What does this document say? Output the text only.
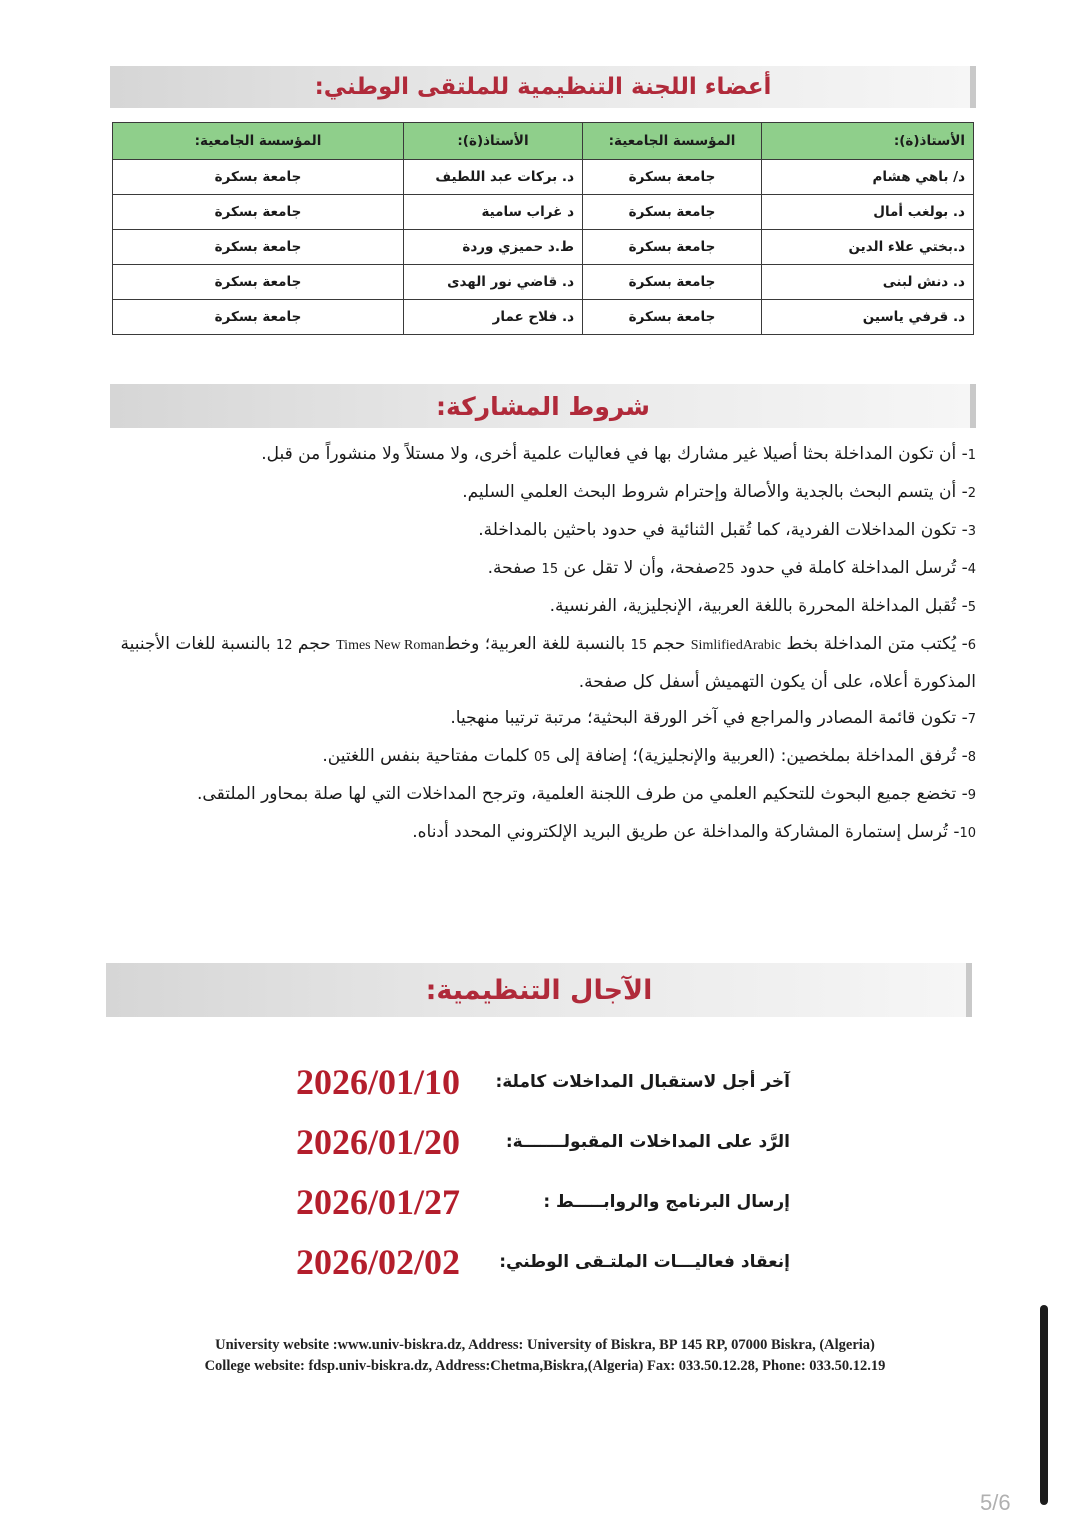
أعضاء اللجنة التنظيمية للملتقى الوطني:
الأستاذ(ة):	المؤسسة الجامعية:	الأستاذ(ة):	المؤسسة الجامعية:
د/ باهي هشام	جامعة بسكرة	د. بركات عبد اللطيف	جامعة بسكرة
د. بولغب أمال	جامعة بسكرة	د غراب سامية	جامعة بسكرة
د.بختي علاء الدين	جامعة بسكرة	ط.د حميزي وردة	جامعة بسكرة
د. دنش لبنى	جامعة بسكرة	د. قاضي نور الهدى	جامعة بسكرة
د. قرفي ياسين	جامعة بسكرة	د. فلاح عمار	جامعة بسكرة
شروط المشاركة:

1- أن تكون المداخلة بحثا أصيلا غير مشارك بها في فعاليات علمية أخرى، ولا مستلاً ولا منشوراً من قبل.

2- أن يتسم البحث بالجدية والأصالة وإحترام شروط البحث العلمي السليم.

3- تكون المداخلات الفردية، كما تُقبل الثنائية في حدود باحثين بالمداخلة.

4- تُرسل المداخلة كاملة في حدود 25صفحة، وأن لا تقل عن 15 صفحة.

5- تُقبل المداخلة المحررة باللغة العربية، الإنجليزية، الفرنسية.

6- يُكتب متن المداخلة بخط SimlifiedArabic حجم 15 بالنسبة للغة العربية؛ وخطTimes New Roman حجم 12 بالنسبة للغات الأجنبية المذكورة أعلاه، على أن يكون التهميش أسفل كل صفحة.

7- تكون قائمة المصادر والمراجع في آخر الورقة البحثية؛ مرتبة ترتيبا منهجيا.

8- تُرفق المداخلة بملخصين: (العربية والإنجليزية)؛ إضافة إلى 05 كلمات مفتاحية بنفس اللغتين.

9- تخضع جميع البحوث للتحكيم العلمي من طرف اللجنة العلمية، وترجح المداخلات التي لها صلة بمحاور الملتقى.

10- تُرسل إستمارة المشاركة والمداخلة عن طريق البريد الإلكتروني المحدد أدناه.

الآجال التنظيمية:
آخر أجل لاستقبال المداخلات كاملة:
2026/01/10
الرَّد على المداخلات المقبولـــــــة:
2026/01/20
إرسال البرنامج والروابـــــط :
2026/01/27
إنعقاد فعاليـــات الملتـقى الوطني:
2026/02/02
University website :www.univ-biskra.dz, Address: University of Biskra, BP 145 RP, 07000 Biskra, (Algeria)
College website: fdsp.univ-biskra.dz, Address:Chetma,Biskra,(Algeria) Fax: 033.50.12.28, Phone: 033.50.12.19
5/6
